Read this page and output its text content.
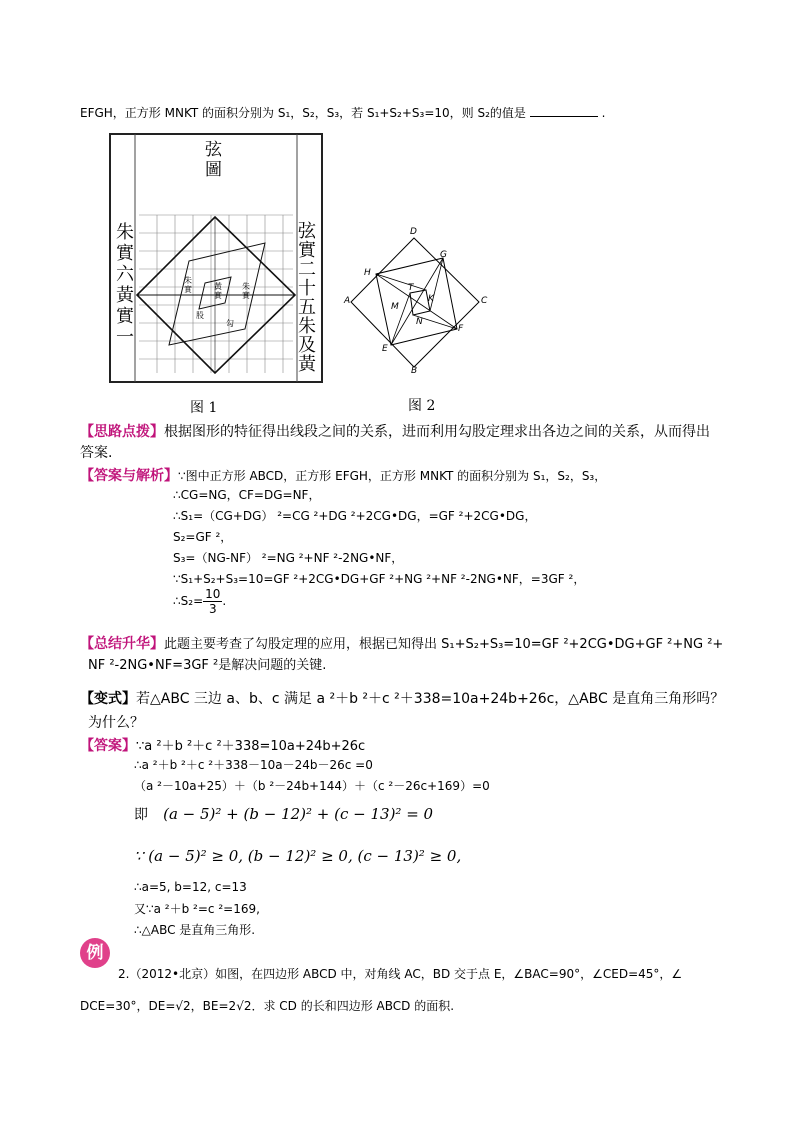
EFGH，正方形 MNKT 的面积分别为 S₁，S₂，S₃，若 S₁+S₂+S₃=10，则 S₂的值是	.
弦
圖
朱實六黃實一
弦實二十五朱及黃
朱實	黃實
朱實
股
勾
图 1
D
G
H
T
K
A
M
C
N
F
E
B
图 2
【思路点拨】根据图形的特征得出线段之间的关系，进而利用勾股定理求出各边之间的关系，从而得出
答案.
【答案与解析】∵图中正方形 ABCD，正方形 EFGH，正方形 MNKT 的面积分别为 S₁，S₂，S₃，
∴CG=NG，CF=DG=NF，
∴S₁=（CG+DG） ²=CG ²+DG ²+2CG•DG，=GF ²+2CG•DG，
S₂=GF ²，
S₃=（NG-NF） ²=NG ²+NF ²-2NG•NF，
∵S₁+S₂+S₃=10=GF ²+2CG•DG+GF ²+NG ²+NF ²-2NG•NF，=3GF ²，
∴S₂= $\frac{10}{3}$ .
【总结升华】此题主要考查了勾股定理的应用，根据已知得出 S₁+S₂+S₃=10=GF ²+2CG•DG+GF ²+NG ²+
NF ²-2NG•NF=3GF ²是解决问题的关键.
【变式】若△ABC 三边 a、b、c 满足 a ²＋b ²＋c ²＋338=10a+24b+26c，△ABC 是直角三角形吗？
为什么？
【答案】∵a ²＋b ²＋c ²＋338=10a+24b+26c
∴a ²＋b ²＋c ²＋338－10a－24b－26c =0
（a ²－10a+25）＋（b ²－24b+144）＋（c ²－26c+169）=0
即 (a − 5)² + (b − 12)² + (c − 13)² = 0
∵ (a − 5)² ≥ 0, (b − 12)² ≥ 0, (c − 13)² ≥ 0,
∴a=5, b=12, c=13
又∵a ²＋b ²=c ²=169,
∴△ABC 是直角三角形.
例
2.（2012•北京）如图，在四边形 ABCD 中，对角线 AC，BD 交于点 E，∠BAC=90°，∠CED=45°，∠
DCE=30°，DE=√2，BE=2√2．求 CD 的长和四边形 ABCD 的面积.
